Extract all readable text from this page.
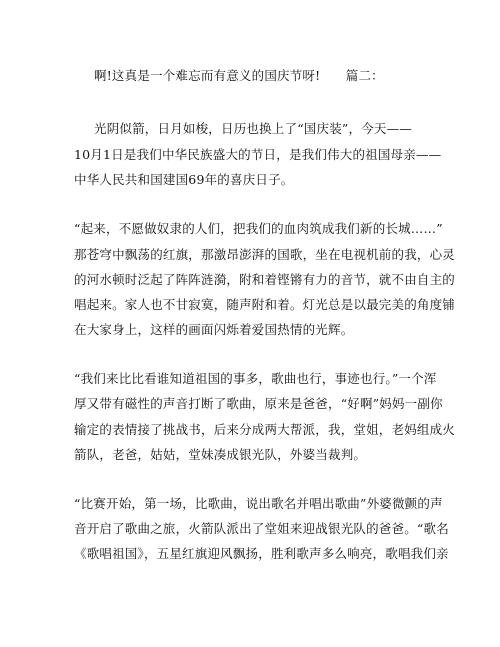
啊!这真是一个难忘而有意义的国庆节呀!　　篇二：
光阴似箭，日月如梭，日历也换上了“国庆装”，今天——
10月1日是我们中华民族盛大的节日，是我们伟大的祖国母亲——
中华人民共和国建国69年的喜庆日子。
“起来，不愿做奴隶的人们，把我们的血肉筑成我们新的长城……”
那苍穹中飘荡的红旗，那激昂澎湃的国歌，坐在电视机前的我，心灵
的河水顿时泛起了阵阵涟漪，附和着铿锵有力的音节，就不由自主的
唱起来。家人也不甘寂寞，随声附和着。灯光总是以最完美的角度铺
在大家身上，这样的画面闪烁着爱国热情的光辉。
“我们来比比看谁知道祖国的事多，歌曲也行，事迹也行。”一个浑
厚又带有磁性的声音打断了歌曲，原来是爸爸，“好啊”妈妈一副你
输定的表情接了挑战书，后来分成两大帮派，我，堂姐，老妈组成火
箭队，老爸，姑姑，堂妹凑成银光队，外婆当裁判。
“比赛开始，第一场，比歌曲，说出歌名并唱出歌曲”外婆微颤的声
音开启了歌曲之旅，火箭队派出了堂姐来迎战银光队的爸爸。“歌名
《歌唱祖国》，五星红旗迎风飘扬，胜利歌声多么响亮，歌唱我们亲
